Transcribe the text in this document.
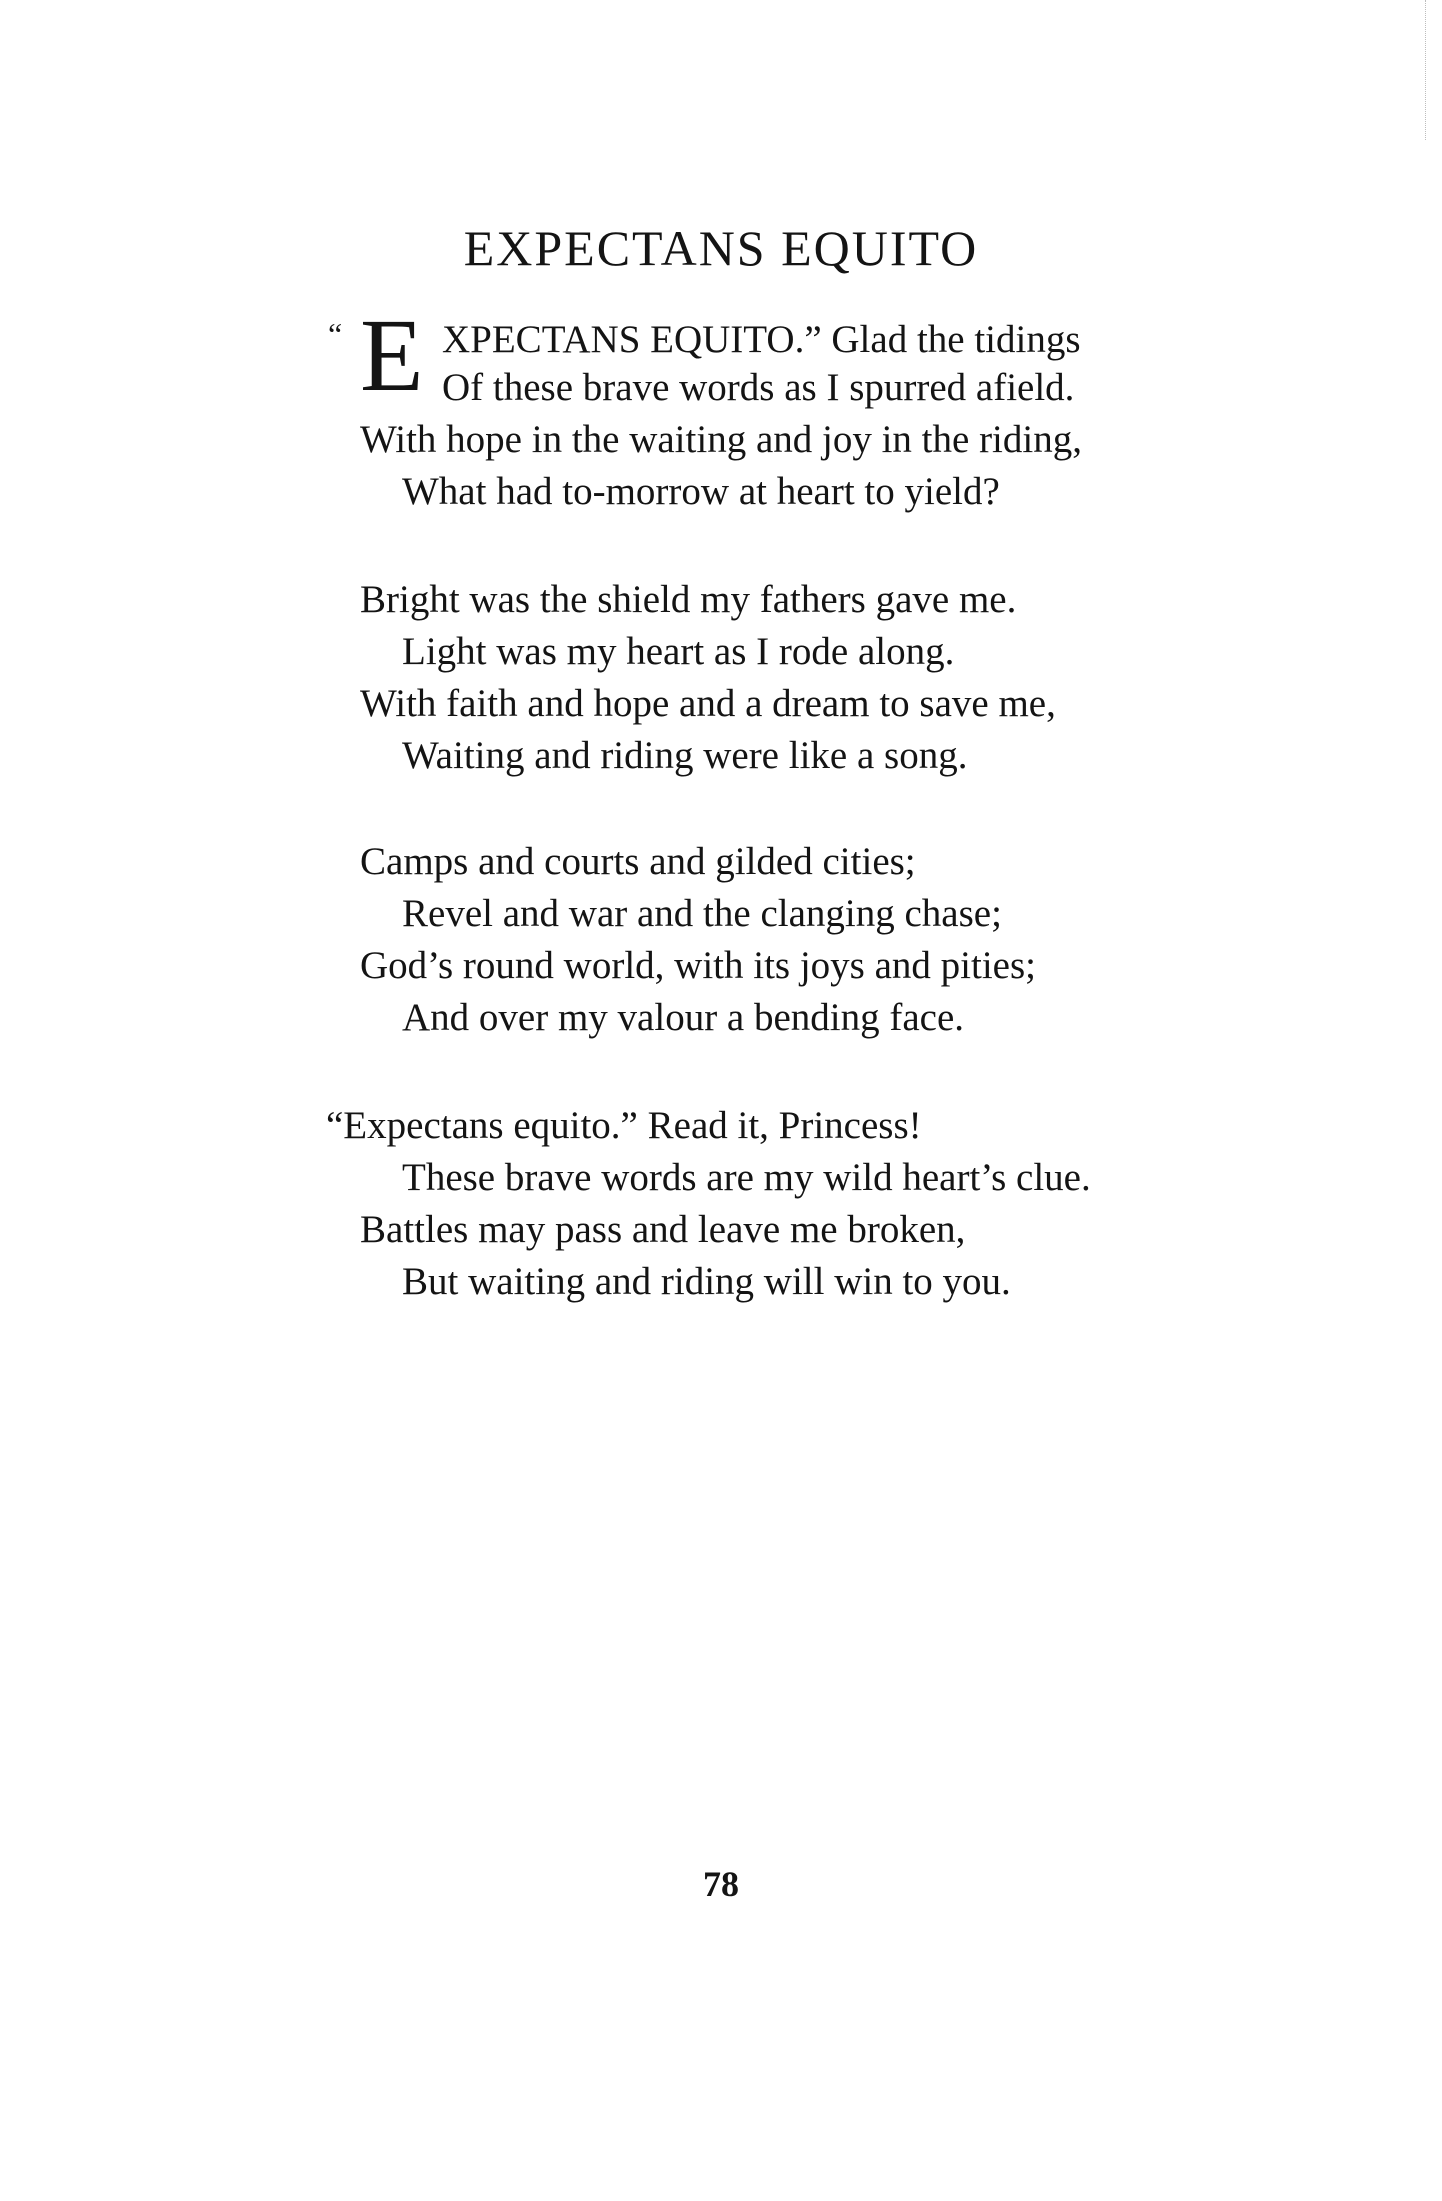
EXPECTANS EQUITO
“ E XPECTANS EQUITO.” Glad the tidings
Of these brave words as I spurred afield.
With hope in the waiting and joy in the riding,
What had to-morrow at heart to yield?
Bright was the shield my fathers gave me.
Light was my heart as I rode along.
With faith and hope and a dream to save me,
Waiting and riding were like a song.
Camps and courts and gilded cities;
Revel and war and the clanging chase;
God’s round world, with its joys and pities;
And over my valour a bending face.
“Expectans equito.” Read it, Princess!
These brave words are my wild heart’s clue.
Battles may pass and leave me broken,
But waiting and riding will win to you.
78
